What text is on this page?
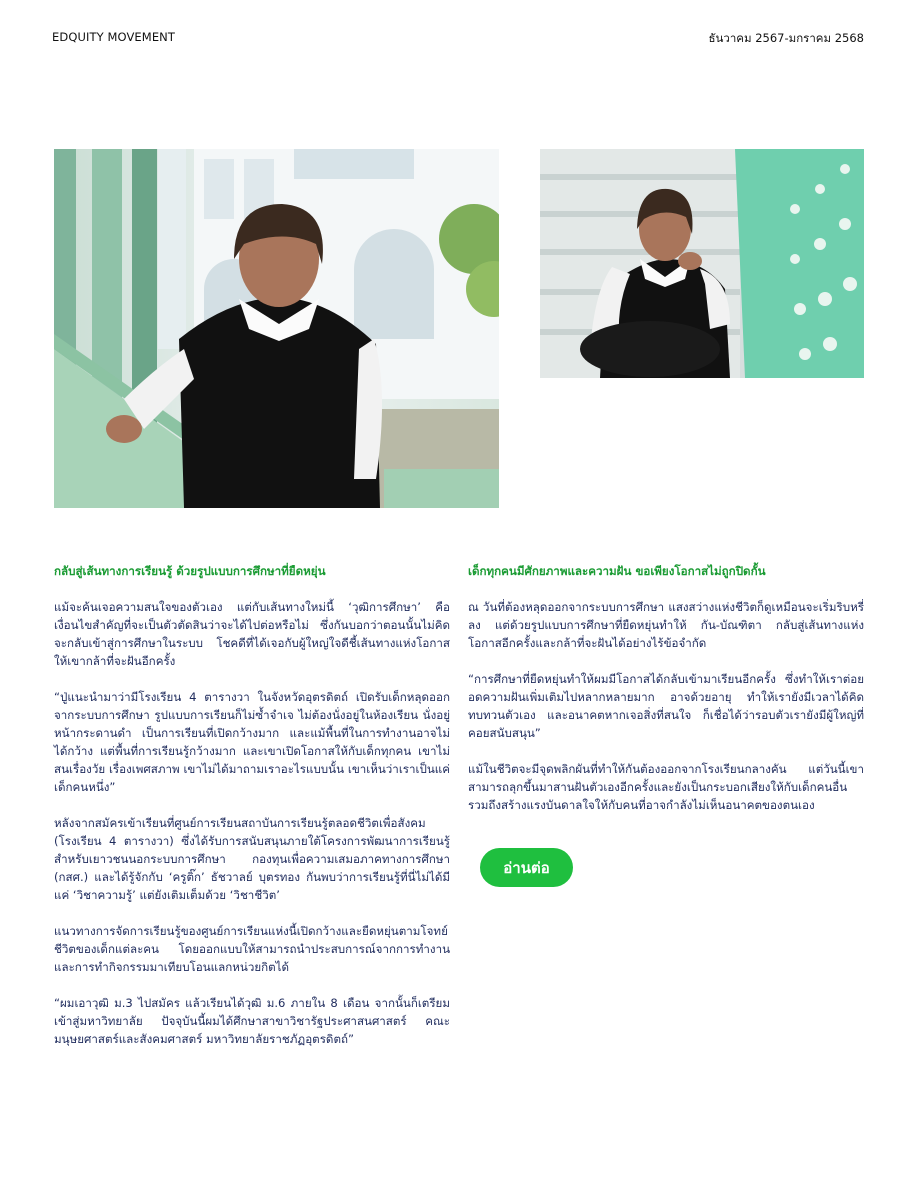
EDQUITY MOVEMENT	ธันวาคม 2567-มกราคม 2568
กลับสู่เส้นทางการเรียนรู้ ด้วยรูปแบบการศึกษาที่ยืดหยุ่น

แม้จะค้นเจอความสนใจของตัวเอง แต่กับเส้นทางใหม่นี้ ‘วุฒิการศึกษา’ คือเงื่อนไขสำคัญที่จะเป็นตัวตัดสินว่าจะได้ไปต่อหรือไม่ ซึ่งกันบอกว่าตอนนั้นไม่คิดจะกลับเข้าสู่การศึกษาในระบบ โชคดีที่ได้เจอกับผู้ใหญ่ใจดีชี้เส้นทางแห่งโอกาสให้เขากล้าที่จะฝันอีกครั้ง

“ปู่แนะนำมาว่ามีโรงเรียน 4 ตารางวา ในจังหวัดอุตรดิตถ์ เปิดรับเด็กหลุดออกจากระบบการศึกษา รูปแบบการเรียนก็ไม่ซ้ำจำเจ ไม่ต้องนั่งอยู่ในห้องเรียน นั่งอยู่หน้ากระดานดำ เป็นการเรียนที่เปิดกว้างมาก และแม้พื้นที่ในการทำงานอาจไม่ได้กว้าง แต่พื้นที่การเรียนรู้กว้างมาก และเขาเปิดโอกาสให้กับเด็กทุกคน เขาไม่สนเรื่องวัย เรื่องเพศสภาพ เขาไม่ได้มาถามเราอะไรแบบนั้น เขาเห็นว่าเราเป็นแค่เด็กคนหนึ่ง”

หลังจากสมัครเข้าเรียนที่ศูนย์การเรียนสถาบันการเรียนรู้ตลอดชีวิตเพื่อสังคม (โรงเรียน 4 ตารางวา) ซึ่งได้รับการสนับสนุนภายใต้โครงการพัฒนาการเรียนรู้สำหรับเยาวชนนอกระบบการศึกษา กองทุนเพื่อความเสมอภาคทางการศึกษา (กสศ.) และได้รู้จักกับ ‘ครูติ๊ก’ ธัชวาลย์ บุตรทอง กันพบว่าการเรียนรู้ที่นี่ไม่ได้มีแค่ ‘วิชาความรู้’ แต่ยังเติมเต็มด้วย ‘วิชาชีวิต’

แนวทางการจัดการเรียนรู้ของศูนย์การเรียนแห่งนี้เปิดกว้างและยืดหยุ่นตามโจทย์ชีวิตของเด็กแต่ละคน โดยออกแบบให้สามารถนำประสบการณ์จากการทำงานและการทำกิจกรรมมาเทียบโอนแลกหน่วยกิตได้

“ผมเอาวุฒิ ม.3 ไปสมัคร แล้วเรียนได้วุฒิ ม.6 ภายใน 8 เดือน จากนั้นก็เตรียมเข้าสู่มหาวิทยาลัย ปัจจุบันนี้ผมได้ศึกษาสาขาวิชารัฐประศาสนศาสตร์ คณะมนุษยศาสตร์และสังคมศาสตร์ มหาวิทยาลัยราชภัฏอุตรดิตถ์”

เด็กทุกคนมีศักยภาพและความฝัน ขอเพียงโอกาสไม่ถูกปิดกั้น

ณ วันที่ต้องหลุดออกจากระบบการศึกษา แสงสว่างแห่งชีวิตก็ดูเหมือนจะเริ่มริบหรี่ลง แต่ด้วยรูปแบบการศึกษาที่ยืดหยุ่นทำให้ กัน-บัณฑิตา กลับสู่เส้นทางแห่งโอกาสอีกครั้งและกล้าที่จะฝันได้อย่างไร้ข้อจำกัด

“การศึกษาที่ยืดหยุ่นทำให้ผมมีโอกาสได้กลับเข้ามาเรียนอีกครั้ง ซึ่งทำให้เราต่อยอดความฝันเพิ่มเติมไปหลากหลายมาก อาจด้วยอายุ ทำให้เรายังมีเวลาได้คิดทบทวนตัวเอง และอนาคตหากเจอสิ่งที่สนใจ ก็เชื่อได้ว่ารอบตัวเรายังมีผู้ใหญ่ที่คอยสนับสนุน”

แม้ในชีวิตจะมีจุดพลิกผันที่ทำให้กันต้องออกจากโรงเรียนกลางคัน แต่วันนี้เขาสามารถลุกขึ้นมาสานฝันตัวเองอีกครั้งและยังเป็นกระบอกเสียงให้กับเด็กคนอื่นรวมถึงสร้างแรงบันดาลใจให้กับคนที่อาจกำลังไม่เห็นอนาคตของตนเอง

อ่านต่อ
